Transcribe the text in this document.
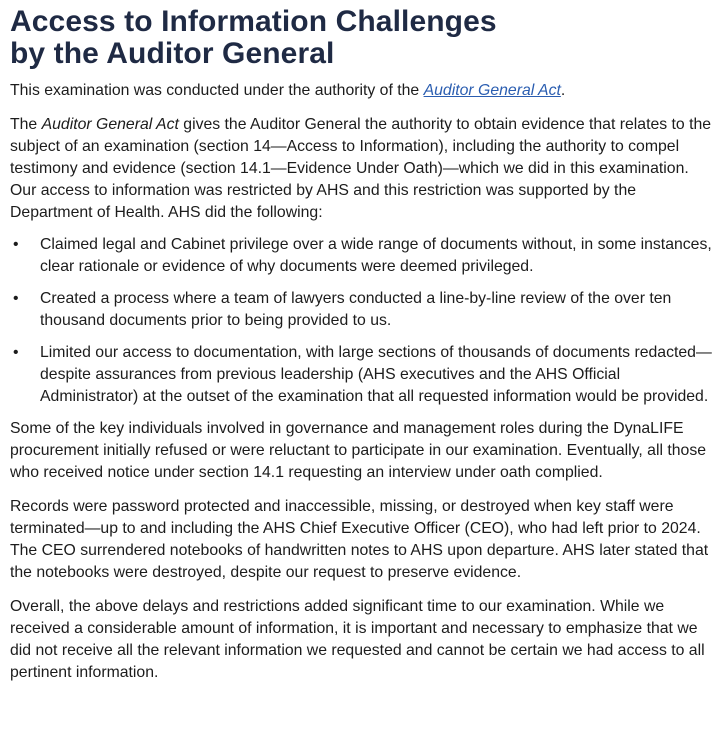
Access to Information Challenges
by the Auditor General

This examination was conducted under the authority of the Auditor General Act.

The Auditor General Act gives the Auditor General the authority to obtain evidence that relates to the subject of an examination (section 14—Access to Information), including the authority to compel testimony and evidence (section 14.1—Evidence Under Oath)—which we did in this examination. Our access to information was restricted by AHS and this restriction was supported by the Department of Health. AHS did the following:

• Claimed legal and Cabinet privilege over a wide range of documents without, in some instances, clear rationale or evidence of why documents were deemed privileged.
• Created a process where a team of lawyers conducted a line-by-line review of the over ten thousand documents prior to being provided to us.
• Limited our access to documentation, with large sections of thousands of documents redacted—despite assurances from previous leadership (AHS executives and the AHS Official Administrator) at the outset of the examination that all requested information would be provided.

Some of the key individuals involved in governance and management roles during the DynaLIFE procurement initially refused or were reluctant to participate in our examination. Eventually, all those who received notice under section 14.1 requesting an interview under oath complied.

Records were password protected and inaccessible, missing, or destroyed when key staff were terminated—up to and including the AHS Chief Executive Officer (CEO), who had left prior to 2024. The CEO surrendered notebooks of handwritten notes to AHS upon departure. AHS later stated that the notebooks were destroyed, despite our request to preserve evidence.

Overall, the above delays and restrictions added significant time to our examination. While we received a considerable amount of information, it is important and necessary to emphasize that we did not receive all the relevant information we requested and cannot be certain we had access to all pertinent information.
